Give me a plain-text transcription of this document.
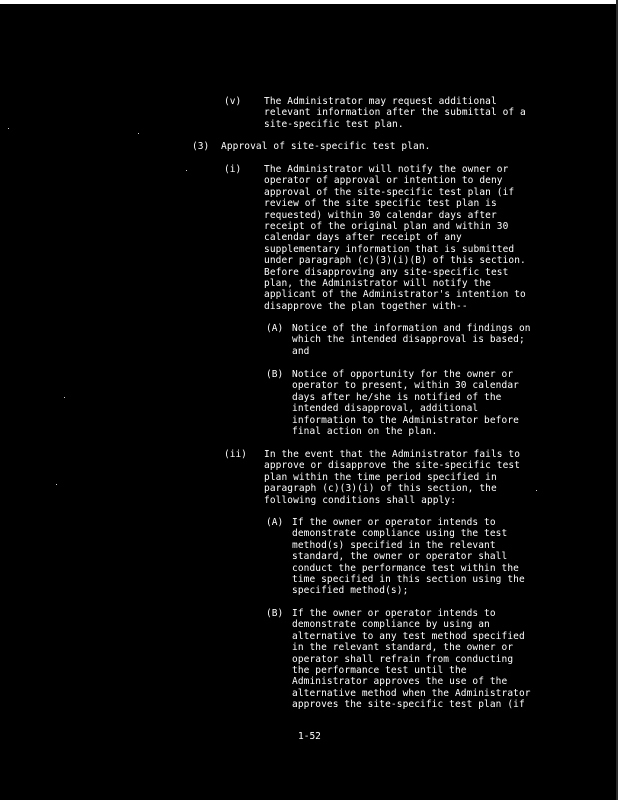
(v) The Administrator may request additional
relevant information after the submittal of a
site-specific test plan.
(3) Approval of site-specific test plan.
(i) The Administrator will notify the owner or
operator of approval or intention to deny
approval of the site-specific test plan (if
review of the site specific test plan is
requested) within 30 calendar days after
receipt of the original plan and within 30
calendar days after receipt of any
supplementary information that is submitted
under paragraph (c)(3)(i)(B) of this section.
Before disapproving any site-specific test
plan, the Administrator will notify the
applicant of the Administrator's intention to
disapprove the plan together with--
(A) Notice of the information and findings on
which the intended disapproval is based;
and
(B) Notice of opportunity for the owner or
operator to present, within 30 calendar
days after he/she is notified of the
intended disapproval, additional
information to the Administrator before
final action on the plan.
(ii) In the event that the Administrator fails to
approve or disapprove the site-specific test
plan within the time period specified in
paragraph (c)(3)(i) of this section, the
following conditions shall apply:
(A) If the owner or operator intends to
demonstrate compliance using the test
method(s) specified in the relevant
standard, the owner or operator shall
conduct the performance test within the
time specified in this section using the
specified method(s);
(B) If the owner or operator intends to
demonstrate compliance by using an
alternative to any test method specified
in the relevant standard, the owner or
operator shall refrain from conducting
the performance test until the
Administrator approves the use of the
alternative method when the Administrator
approves the site-specific test plan (if
1-52
